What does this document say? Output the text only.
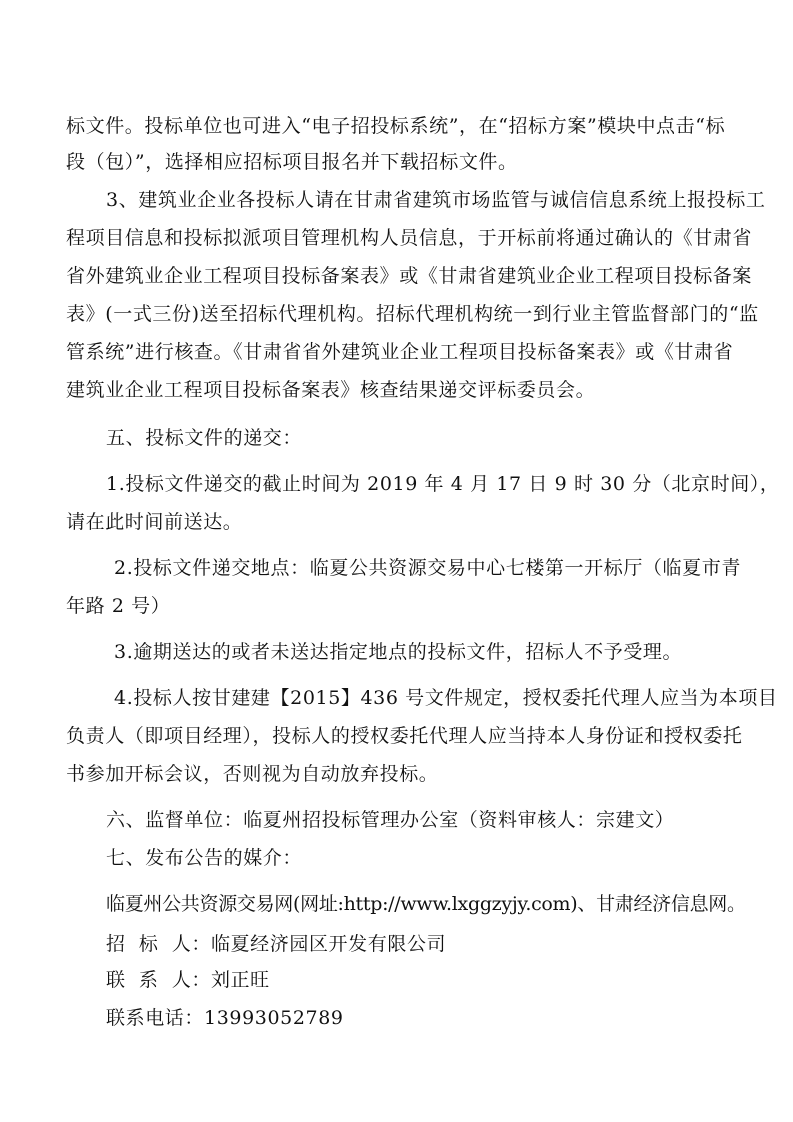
标文件。投标单位也可进入“电子招投标系统”，在“招标方案”模块中点击“标
段（包）”，选择相应招标项目报名并下载招标文件。
3、建筑业企业各投标人请在甘肃省建筑市场监管与诚信信息系统上报投标工
程项目信息和投标拟派项目管理机构人员信息，于开标前将通过确认的《甘肃省
省外建筑业企业工程项目投标备案表》或《甘肃省建筑业企业工程项目投标备案
表》(一式三份)送至招标代理机构。招标代理机构统一到行业主管监督部门的“监
管系统”进行核查。《甘肃省省外建筑业企业工程项目投标备案表》或《甘肃省
建筑业企业工程项目投标备案表》核查结果递交评标委员会。
五、投标文件的递交：
1.投标文件递交的截止时间为 2019 年 4 月 17 日 9 时 30 分（北京时间），
请在此时间前送达。
2.投标文件递交地点：临夏公共资源交易中心七楼第一开标厅（临夏市青
年路 2 号）
3.逾期送达的或者未送达指定地点的投标文件，招标人不予受理。
4.投标人按甘建建【2015】436 号文件规定，授权委托代理人应当为本项目
负责人（即项目经理），投标人的授权委托代理人应当持本人身份证和授权委托
书参加开标会议，否则视为自动放弃投标。
六、监督单位：临夏州招投标管理办公室（资料审核人：宗建文）
七、发布公告的媒介：
临夏州公共资源交易网(网址:http://www.lxggzyjy.com)、甘肃经济信息网。
招  标  人：临夏经济园区开发有限公司
联  系  人：刘正旺
联系电话：13993052789
